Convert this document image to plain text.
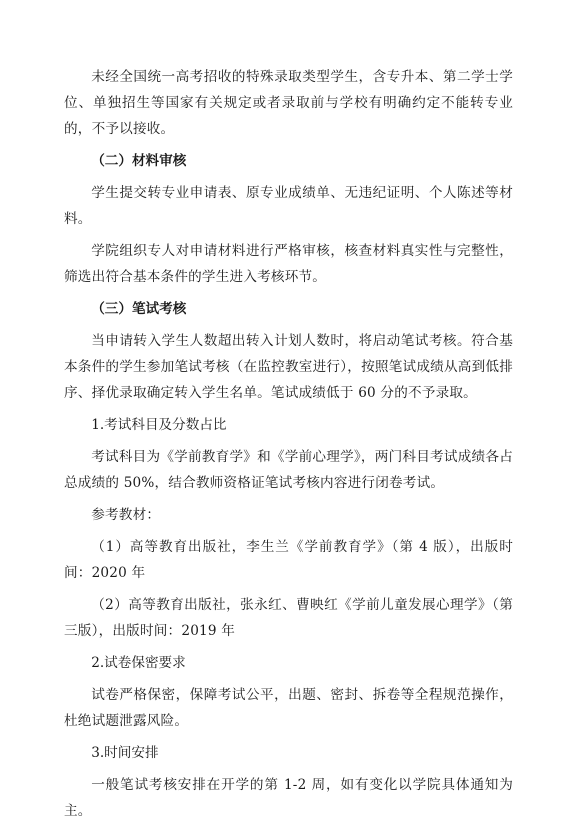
未经全国统一高考招收的特殊录取类型学生，含专升本、第二学士学位、单独招生等国家有关规定或者录取前与学校有明确约定不能转专业的，不予以接收。

（二）材料审核

学生提交转专业申请表、原专业成绩单、无违纪证明、个人陈述等材料。

学院组织专人对申请材料进行严格审核，核查材料真实性与完整性，筛选出符合基本条件的学生进入考核环节。

（三）笔试考核

当申请转入学生人数超出转入计划人数时，将启动笔试考核。符合基本条件的学生参加笔试考核（在监控教室进行），按照笔试成绩从高到低排序、择优录取确定转入学生名单。笔试成绩低于 60 分的不予录取。

1.考试科目及分数占比

考试科目为《学前教育学》和《学前心理学》，两门科目考试成绩各占总成绩的 50%，结合教师资格证笔试考核内容进行闭卷考试。

参考教材：

（1）高等教育出版社，李生兰《学前教育学》（第 4 版），出版时间：2020 年

（2）高等教育出版社，张永红、曹映红《学前儿童发展心理学》（第三版），出版时间：2019 年

2.试卷保密要求

试卷严格保密，保障考试公平，出题、密封、拆卷等全程规范操作，杜绝试题泄露风险。

3.时间安排

一般笔试考核安排在开学的第 1-2 周，如有变化以学院具体通知为主。
